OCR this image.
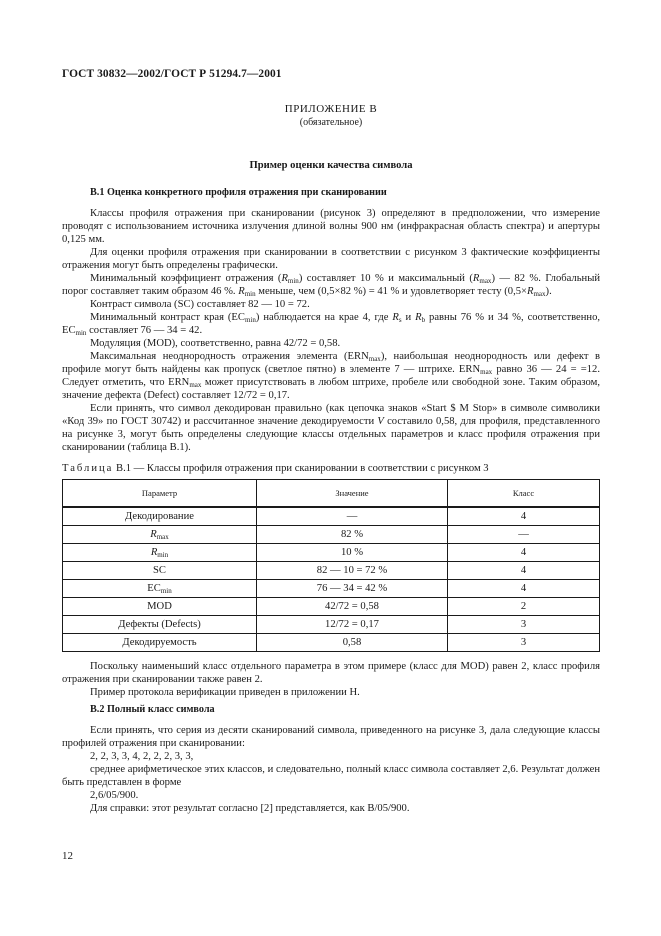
ГОСТ 30832—2002/ГОСТ Р 51294.7—2001
ПРИЛОЖЕНИЕ В
(обязательное)
Пример оценки качества символа
В.1 Оценка конкретного профиля отражения при сканировании

Классы профиля отражения при сканировании (рисунок 3) определяют в предположении, что измерение проводят с использованием источника излучения длиной волны 900 нм (инфракрасная область спектра) и апертуры 0,125 мм.

Для оценки профиля отражения при сканировании в соответствии с рисунком 3 фактические коэффициенты отражения могут быть определены графически.

Минимальный коэффициент отражения $(R_{min})$ составляет 10 % и максимальный $(R_{max})$ — 82 %. Глобальный порог составляет таким образом 46 %. $R_{min}$ меньше, чем (0,5×82 %) = 41 % и удовлетворяет тесту $(0,5\times R_{max})$.

Контраст символа (SC) составляет 82 — 10 = 72.

Минимальный контраст края $(EC_{min})$ наблюдается на крае 4, где $R_s$ и $R_b$ равны 76 % и 34 %, соответственно, $EC_{min}$ составляет 76 — 34 = 42.

Модуляция (MOD), соответственно, равна 42/72 = 0,58.

Максимальная неоднородность отражения элемента $(ERN_{max})$, наибольшая неоднородность или дефект в профиле могут быть найдены как пропуск (светлое пятно) в элементе 7 — штрихе. $ERN_{max}$ равно 36 — 24 = =12. Следует отметить, что $ERN_{max}$ может присутствовать в любом штрихе, пробеле или свободной зоне. Таким образом, значение дефекта (Defect) составляет 12/72 = 0,17.

Если принять, что символ декодирован правильно (как цепочка знаков «Start $ M Stop» в символе символики «Код 39» по ГОСТ 30742) и рассчитанное значение декодируемости V составило 0,58, для профиля, представленного на рисунке 3, могут быть определены следующие классы отдельных параметров и класс профиля отражения при сканировании (таблица В.1).

Таблица В.1 — Классы профиля отражения при сканировании в соответствии с рисунком 3

Параметр	Значение	Класс
Декодирование	—	4
$R_{max}$	82 %	—
$R_{min}$	10 %	4
SC	82 — 10 = 72 %	4
$EC_{min}$	76 — 34 = 42 %	4
MOD	42/72 = 0,58	2
Дефекты (Defects)	12/72 = 0,17	3
Декодируемость	0,58	3

Поскольку наименьший класс отдельного параметра в этом примере (класс для MOD) равен 2, класс профиля отражения при сканировании также равен 2.

Пример протокола верификации приведен в приложении Н.

В.2 Полный класс символа

Если принять, что серия из десяти сканирований символа, приведенного на рисунке 3, дала следующие классы профилей отражения при сканировании:

2, 2, 3, 3, 4, 2, 2, 2, 3, 3,

среднее арифметическое этих классов, и следовательно, полный класс символа составляет 2,6. Результат должен быть представлен в форме

2,6/05/900.

Для справки: этот результат согласно [2] представляется, как В/05/900.

12
